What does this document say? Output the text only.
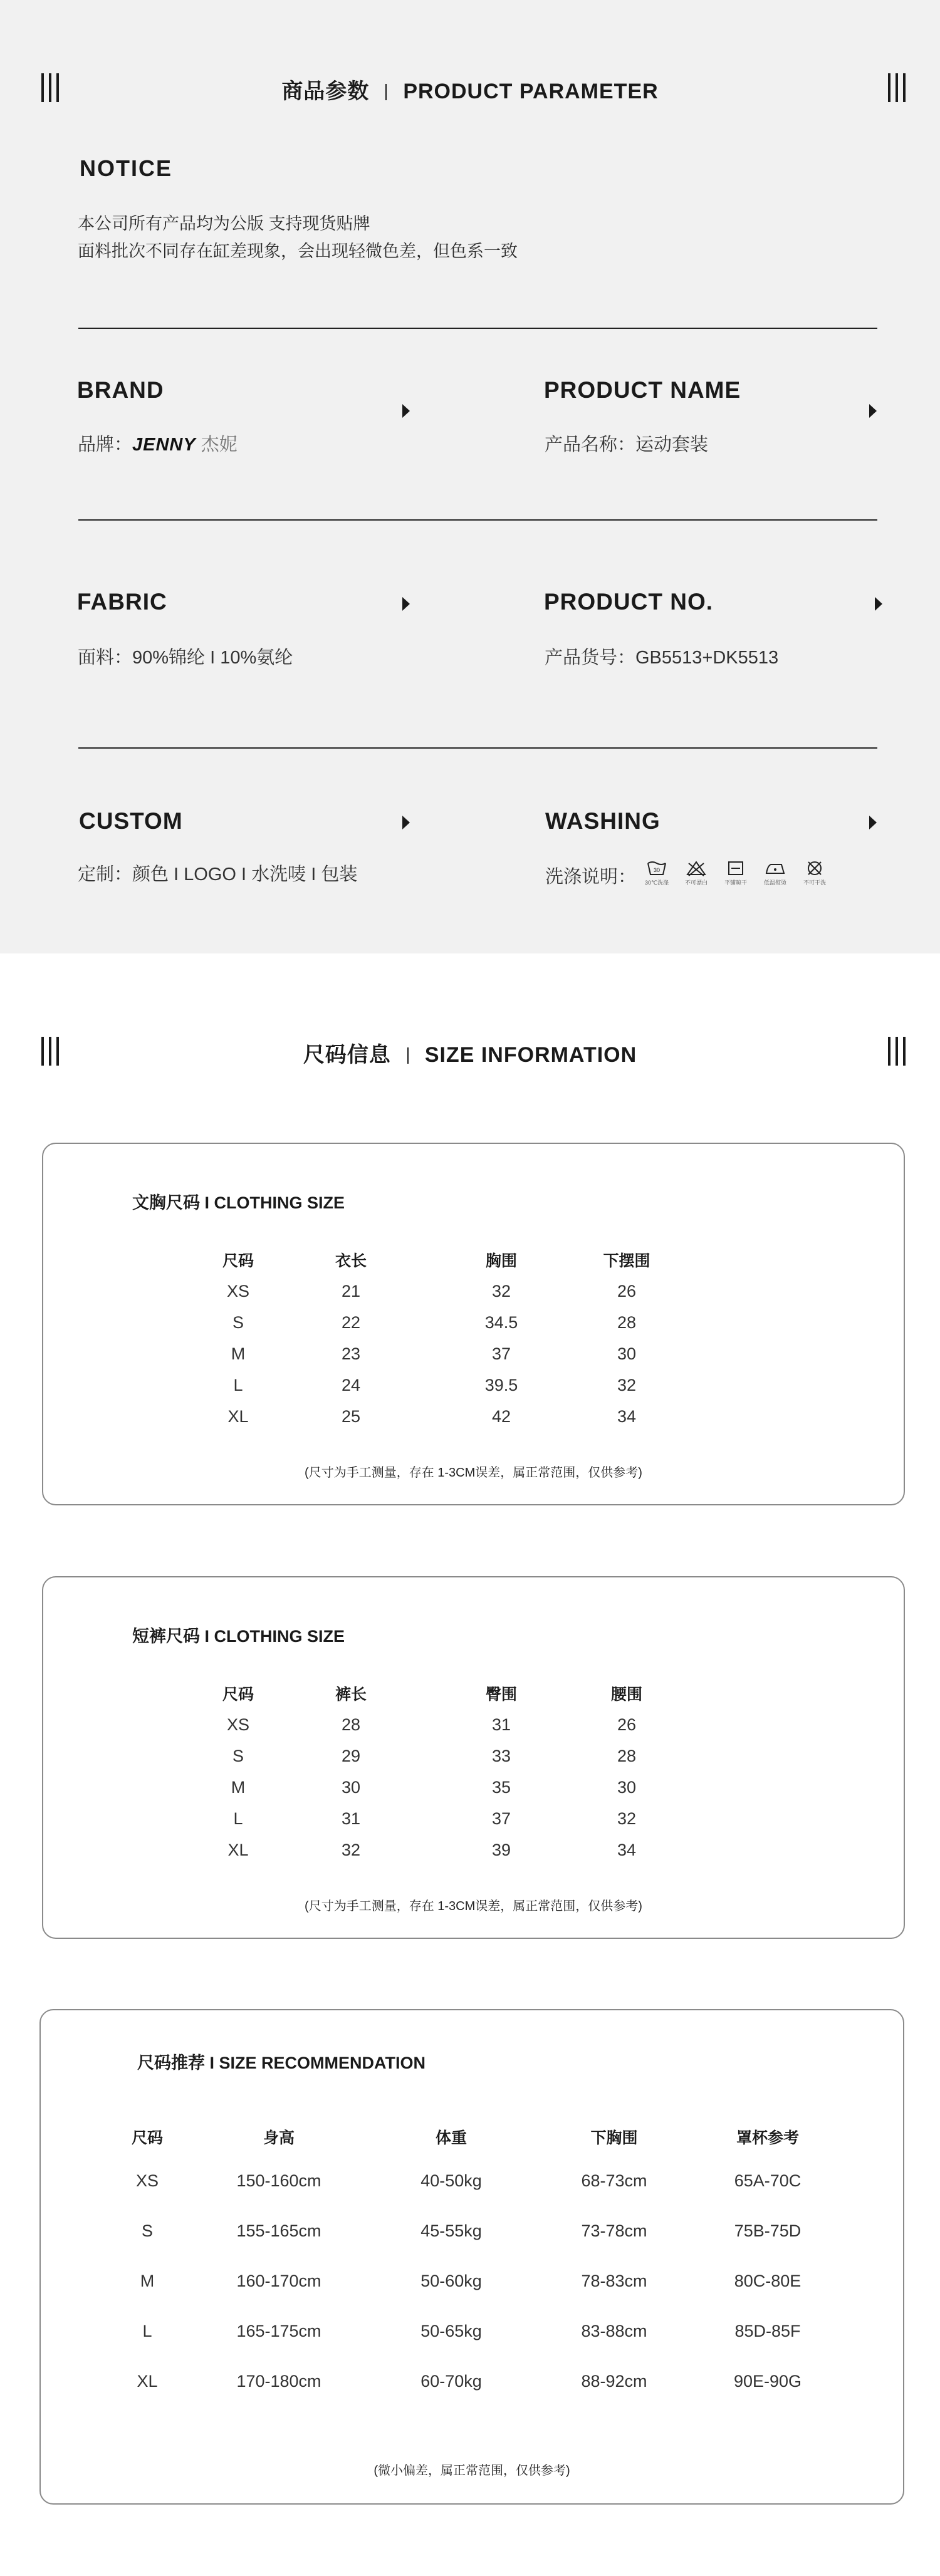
商品参数 PRODUCT PARAMETER
NOTICE
本公司所有产品均为公版 支持现货贴牌
面料批次不同存在缸差现象，会出现轻微色差，但色系一致
BRAND
品牌：JENNY 杰妮
PRODUCT NAME
产品名称：运动套装
FABRIC
面料：90%锦纶 I 10%氨纶
PRODUCT NO.
产品货号：GB5513+DK5513
CUSTOM
定制：颜色 I LOGO I 水洗唛 I 包装
WASHING
洗涤说明：	30
30℃洗涤	不可漂白	平铺晾干	低温熨烫	不可干洗
尺码信息 SIZE INFORMATION
文胸尺码 I CLOTHING SIZE
尺码	衣长	胸围	下摆围
XS	21	32	26
S	22	34.5	28
M	23	37	30
L	24	39.5	32
XL	25	42	34
(尺寸为手工测量，存在 1-3CM误差，属正常范围，仅供参考)
短裤尺码 I CLOTHING SIZE
尺码	裤长	臀围	腰围
XS	28	31	26
S	29	33	28
M	30	35	30
L	31	37	32
XL	32	39	34
(尺寸为手工测量，存在 1-3CM误差，属正常范围，仅供参考)
尺码推荐 I SIZE RECOMMENDATION
尺码	身高	体重	下胸围	罩杯参考
XS	150-160cm	40-50kg	68-73cm	65A-70C
S	155-165cm	45-55kg	73-78cm	75B-75D
M	160-170cm	50-60kg	78-83cm	80C-80E
L	165-175cm	50-65kg	83-88cm	85D-85F
XL	170-180cm	60-70kg	88-92cm	90E-90G
(微小偏差，属正常范围，仅供参考)
